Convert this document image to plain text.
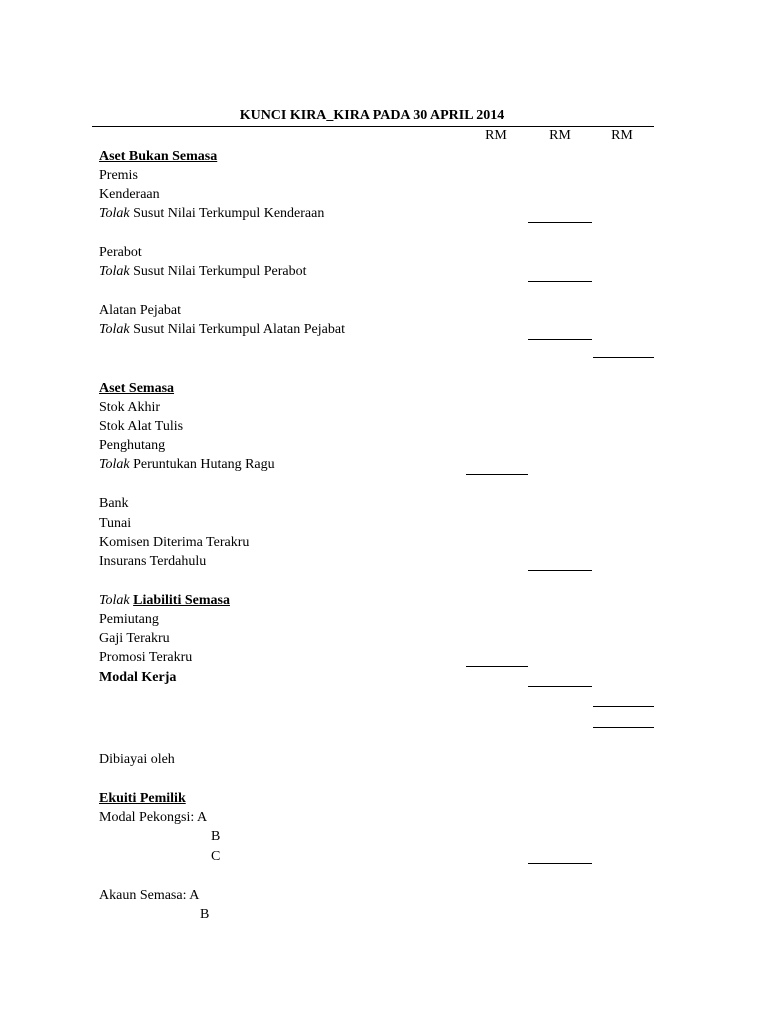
KUNCI KIRA_KIRA PADA 30 APRIL 2014
RM	RM	RM
Aset Bukan Semasa
Premis
Kenderaan
Tolak Susut Nilai Terkumpul Kenderaan
Perabot
Tolak Susut Nilai Terkumpul Perabot
Alatan Pejabat
Tolak Susut Nilai Terkumpul Alatan Pejabat
Aset Semasa
Stok Akhir
Stok Alat Tulis
Penghutang
Tolak Peruntukan Hutang Ragu
Bank
Tunai
Komisen Diterima Terakru
Insurans Terdahulu
Tolak Liabiliti Semasa
Pemiutang
Gaji Terakru
Promosi Terakru
Modal Kerja
Dibiayai oleh
Ekuiti Pemilik
Modal Pekongsi: A
B
C
Akaun Semasa: A
B
